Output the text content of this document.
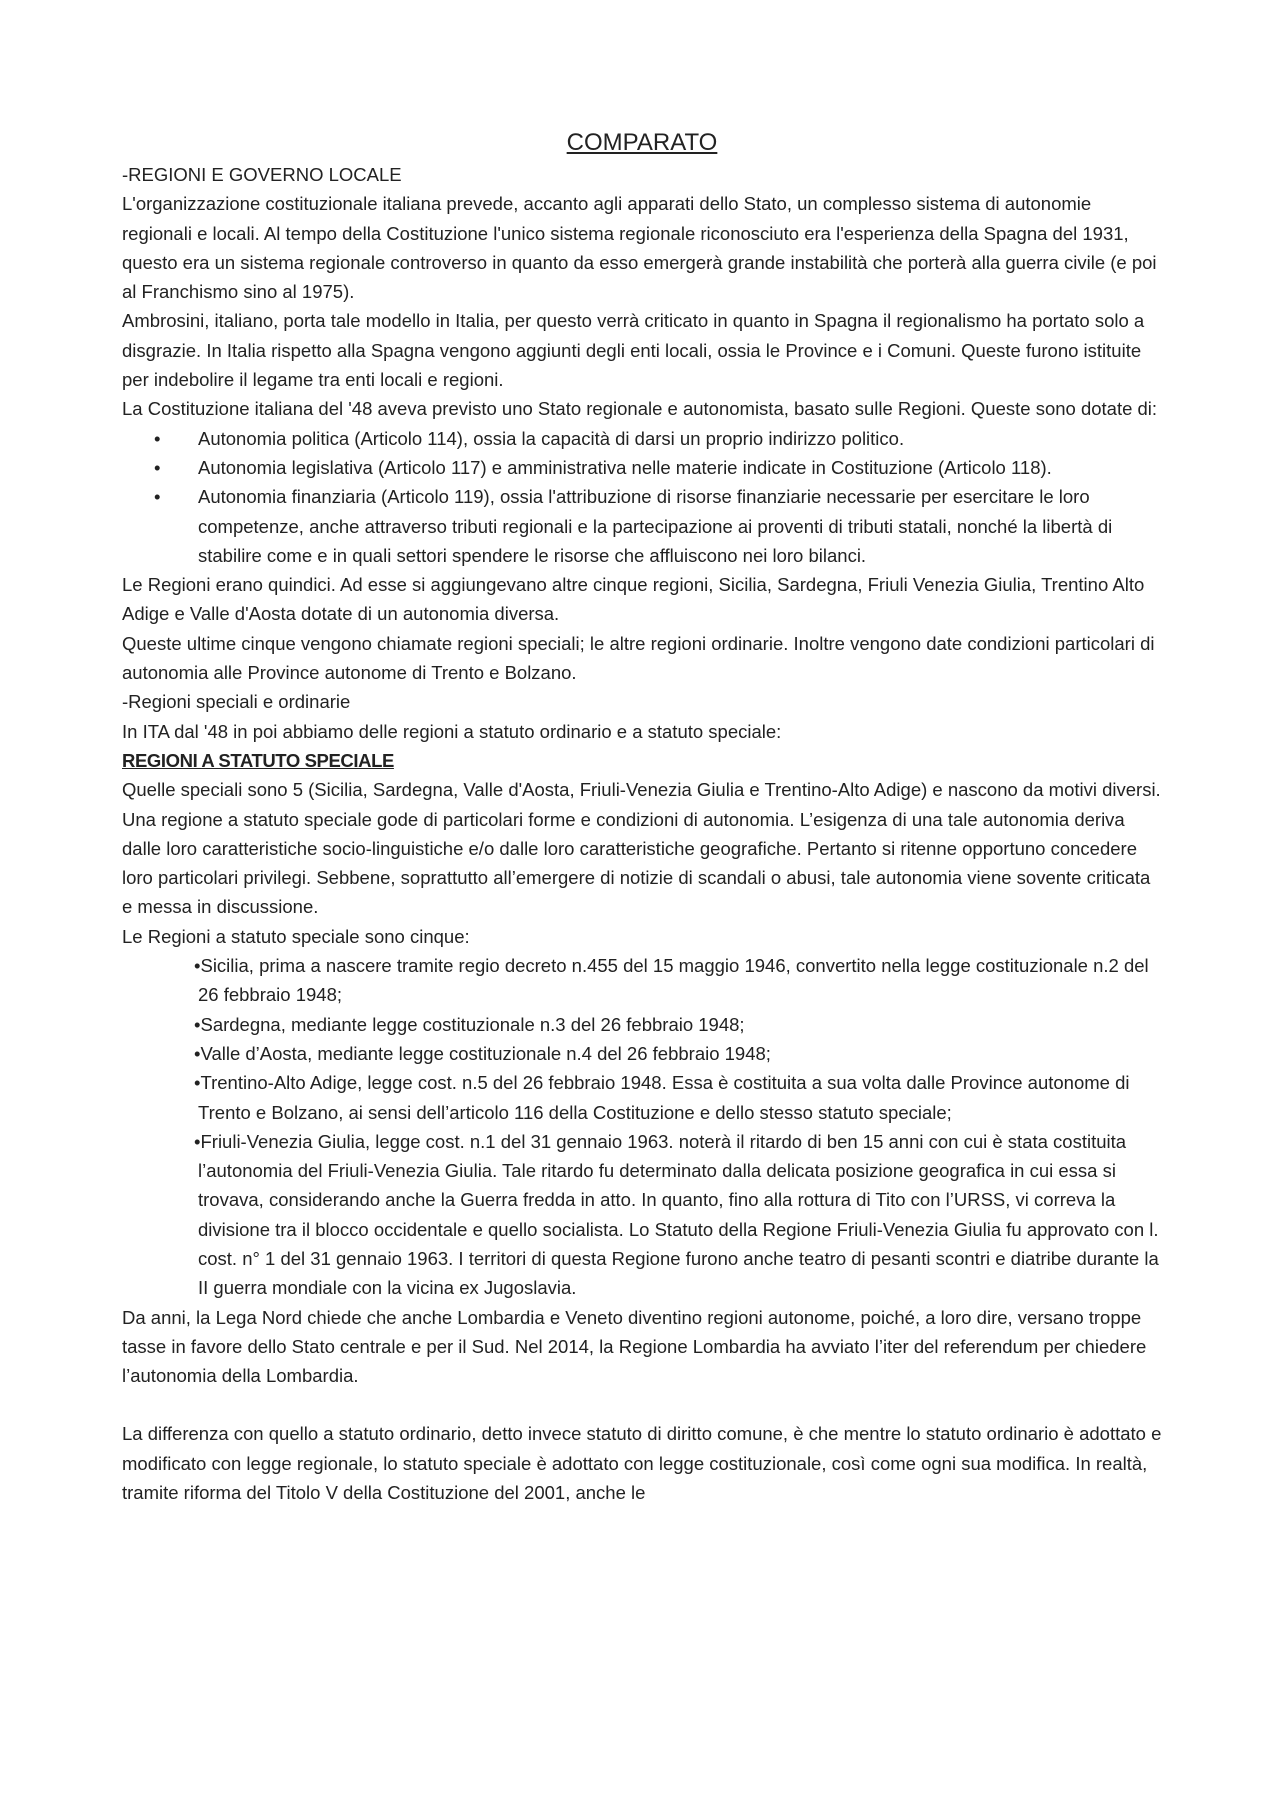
COMPARATO

-REGIONI E GOVERNO LOCALE

L'organizzazione costituzionale italiana prevede, accanto agli apparati dello Stato, un complesso sistema di autonomie regionali e locali. Al tempo della Costituzione l'unico sistema regionale riconosciuto era l'esperienza della Spagna del 1931, questo era un sistema regionale controverso in quanto da esso emergerà grande instabilità che porterà alla guerra civile (e poi al Franchismo sino al 1975).

Ambrosini, italiano, porta tale modello in Italia, per questo verrà criticato in quanto in Spagna il regionalismo ha portato solo a disgrazie. In Italia rispetto alla Spagna vengono aggiunti degli enti locali, ossia le Province e i Comuni. Queste furono istituite per indebolire il legame tra enti locali e regioni.

La Costituzione italiana del '48 aveva previsto uno Stato regionale e autonomista, basato sulle Regioni. Queste sono dotate di:

• Autonomia politica (Articolo 114), ossia la capacità di darsi un proprio indirizzo politico.
• Autonomia legislativa (Articolo 117) e amministrativa nelle materie indicate in Costituzione (Articolo 118).
• Autonomia finanziaria (Articolo 119), ossia l'attribuzione di risorse finanziarie necessarie per esercitare le loro competenze, anche attraverso tributi regionali e la partecipazione ai proventi di tributi statali, nonché la libertà di stabilire come e in quali settori spendere le risorse che affluiscono nei loro bilanci.

Le Regioni erano quindici. Ad esse si aggiungevano altre cinque regioni, Sicilia, Sardegna, Friuli Venezia Giulia, Trentino Alto Adige e Valle d'Aosta dotate di un autonomia diversa.

Queste ultime cinque vengono chiamate regioni speciali; le altre regioni ordinarie. Inoltre vengono date condizioni particolari di autonomia alle Province autonome di Trento e Bolzano.

-Regioni speciali e ordinarie

In ITA dal '48 in poi abbiamo delle regioni a statuto ordinario e a statuto speciale:

REGIONI A STATUTO SPECIALE

Quelle speciali sono 5 (Sicilia, Sardegna, Valle d'Aosta, Friuli-Venezia Giulia e Trentino-Alto Adige) e nascono da motivi diversi. Una regione a statuto speciale gode di particolari forme e condizioni di autonomia. L’esigenza di una tale autonomia deriva dalle loro caratteristiche socio-linguistiche e/o dalle loro caratteristiche geografiche. Pertanto si ritenne opportuno concedere loro particolari privilegi. Sebbene, soprattutto all’emergere di notizie di scandali o abusi, tale autonomia viene sovente criticata e messa in discussione.

Le Regioni a statuto speciale sono cinque:

•Sicilia, prima a nascere tramite regio decreto n.455 del 15 maggio 1946, convertito nella legge costituzionale n.2 del 26 febbraio 1948;

•Sardegna, mediante legge costituzionale n.3 del 26 febbraio 1948;

•Valle d’Aosta, mediante legge costituzionale n.4 del 26 febbraio 1948;

•Trentino-Alto Adige, legge cost. n.5 del 26 febbraio 1948. Essa è costituita a sua volta dalle Province autonome di Trento e Bolzano, ai sensi dell’articolo 116 della Costituzione e dello stesso statuto speciale;

•Friuli-Venezia Giulia, legge cost. n.1 del 31 gennaio 1963. noterà il ritardo di ben 15 anni con cui è stata costituita l’autonomia del Friuli-Venezia Giulia. Tale ritardo fu determinato dalla delicata posizione geografica in cui essa si trovava, considerando anche la Guerra fredda in atto. In quanto, fino alla rottura di Tito con l’URSS, vi correva la divisione tra il blocco occidentale e quello socialista. Lo Statuto della Regione Friuli-Venezia Giulia fu approvato con l. cost. n° 1 del 31 gennaio 1963. I territori di questa Regione furono anche teatro di pesanti scontri e diatribe durante la II guerra mondiale con la vicina ex Jugoslavia.

Da anni, la Lega Nord chiede che anche Lombardia e Veneto diventino regioni autonome, poiché, a loro dire, versano troppe tasse in favore dello Stato centrale e per il Sud. Nel 2014, la Regione Lombardia ha avviato l’iter del referendum per chiedere l’autonomia della Lombardia.

La differenza con quello a statuto ordinario, detto invece statuto di diritto comune, è che mentre lo statuto ordinario è adottato e modificato con legge regionale, lo statuto speciale è adottato con legge costituzionale, così come ogni sua modifica. In realtà, tramite riforma del Titolo V della Costituzione del 2001, anche le
